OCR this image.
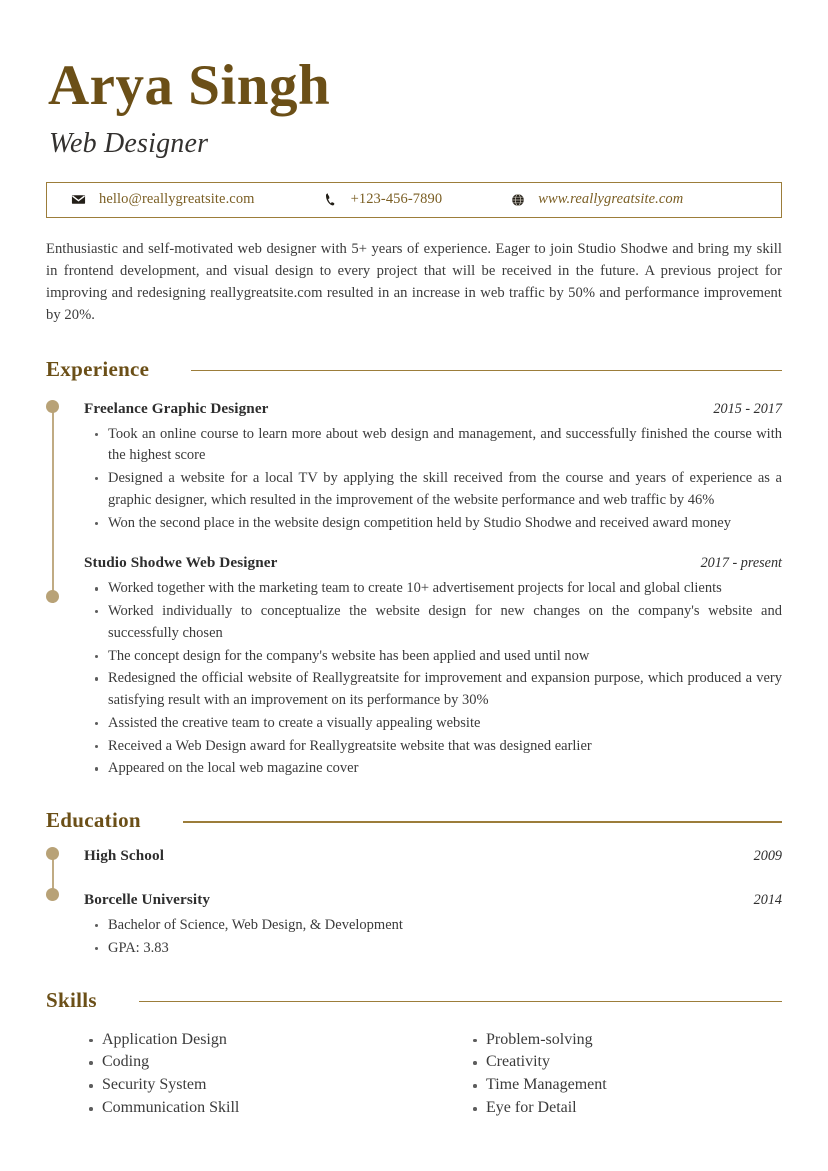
Arya Singh
Web Designer
hello@reallygreatsite.com	+123-456-7890	www.reallygreatsite.com
Enthusiastic and self-motivated web designer with 5+ years of experience. Eager to join Studio Shodwe and bring my skill in frontend development, and visual design to every project that will be received in the future. A previous project for improving and redesigning reallygreatsite.com resulted in an increase in web traffic by 50% and performance improvement by 20%.
Experience
Freelance Graphic Designer	2015 - 2017
Took an online course to learn more about web design and management, and successfully finished the course with the highest score
Designed a website for a local TV by applying the skill received from the course and years of experience as a graphic designer, which resulted in the improvement of the website performance and web traffic by 46%
Won the second place in the website design competition held by Studio Shodwe and received award money
Studio Shodwe Web Designer	2017 - present
Worked together with the marketing team to create 10+ advertisement projects for local and global clients
Worked individually to conceptualize the website design for new changes on the company's website and successfully chosen
The concept design for the company's website has been applied and used until now
Redesigned the official website of Reallygreatsite for improvement and expansion purpose, which produced a very satisfying result with an improvement on its performance by 30%
Assisted the creative team to create a visually appealing website
Received a Web Design award for Reallygreatsite website that was designed earlier
Appeared on the local web magazine cover
Education
High School	2009
Borcelle University	2014
Bachelor of Science, Web Design, & Development
GPA: 3.83
Skills
Application Design
Coding
Security System
Communication Skill
Problem-solving
Creativity
Time Management
Eye for Detail
